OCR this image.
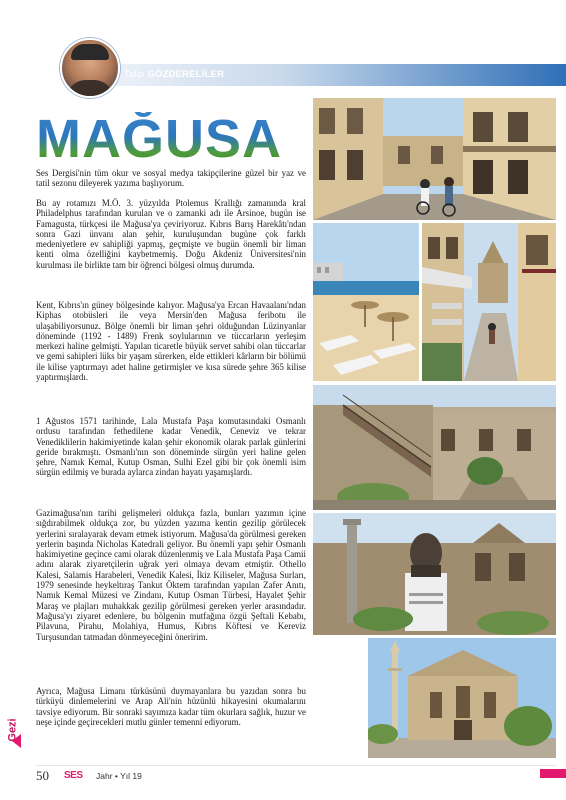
Talip GÖZDERELİLER
MAĞUSA

Ses Dergisi'nin tüm okur ve sosyal medya takipçilerine güzel bir yaz ve tatil sezonu dileyerek yazıma başlıyorum.

Bu ay rotamızı M.Ö. 3. yüzyılda Ptolemus Krallığı zamanında kral Philadelphus tarafından kurulan ve o zamanki adı ile Arsinoe, bugün ise Famagusta, türkçesi ile Mağusa'ya çeviriyoruz. Kıbrıs Barış Harekâtı'ndan sonra Gazi ünvanı alan şehir, kuruluşundan bugüne çok farklı medeniyetlere ev sahipliği yapmış, geçmişte ve bugün önemli bir liman kenti olma özelliğini kaybetmemiş. Doğu Akdeniz Üniversitesi'nin kurulması ile birlikte tam bir öğrenci bölgesi olmuş durumda.

Kent, Kıbrıs'ın güney bölgesinde kalıyor. Mağusa'ya Ercan Havaalanı'ndan Kiphas otobüsleri ile veya Mersin'den Mağusa feribotu ile ulaşabiliyorsunuz. Bölge önemli bir liman şehri olduğundan Lüzinyanlar döneminde (1192 - 1489) Frenk soylularının ve tüccarların yerleşim merkezi haline gelmişti. Yapılan ticaretle büyük servet sahibi olan tüccarlar ve gemi sahipleri lüks bir yaşam sürerken, elde ettikleri kârların bir bölümü ile kilise yaptırmayı adet haline getirmişler ve kısa sürede şehre 365 kilise yaptırmışlardı.

1 Ağustos 1571 tarihinde, Lala Mustafa Paşa komutasındaki Osmanlı ordusu tarafından fethedilene kadar Venedik, Ceneviz ve tekrar Venediklilerin hakimiyetinde kalan şehir ekonomik olarak parlak günlerini geride bırakmıştı. Osmanlı'nın son döneminde sürgün yeri haline gelen şehre, Namık Kemal, Kutup Osman, Sulhi Ezel gibi bir çok önemli isim sürgün edilmiş ve burada aylarca zindan hayatı yaşamışlardı.

Gazimağusa'nın tarihi gelişmeleri oldukça fazla, bunları yazımın içine sığdırabilmek oldukça zor, bu yüzden yazıma kentin gezilip görülecek yerlerini sıralayarak devam etmek istiyorum. Mağusa'da görülmesi gereken yerlerin başında Nicholas Katedrali geliyor. Bu önemli yapı şehir Osmanlı hakimiyetine geçince cami olarak düzenlenmiş ve Lala Mustafa Paşa Camii adını alarak ziyaretçilerin uğrak yeri olmaya devam etmiştir. Othello Kalesi, Salamis Harabeleri, Venedik Kalesi, İkiz Kiliseler, Mağusa Surları, 1979 senesinde heykeltıraş Tankut Öktem tarafından yapılan Zafer Anıtı, Namık Kemal Müzesi ve Zindanı, Kutup Osman Türbesi, Hayalet Şehir Maraş ve plajları muhakkak gezilip görülmesi gereken yerler arasındadır. Mağusa'yı ziyaret edenlere, bu bölgenin mutfağına özgü Şeftali Kebabı, Pilavuna, Pirahu, Molahiya, Humus, Kıbrıs Köftesi ve Kereviz Turşusundan tatmadan dönmeyeceğini öneririm.

Ayrıca, Mağusa Limanı türküsünü duymayanlara bu yazıdan sonra bu türküyü dinlemelerini ve Arap Ali'nin hüzünlü hikayesini okumalarını tavsiye ediyorum. Bir sonraki sayımıza kadar tüm okurlara sağlık, huzur ve neşe içinde geçirecekleri mutlu günler temenni ediyorum.

Gezi
50 SES Jahr • Yıl 19
